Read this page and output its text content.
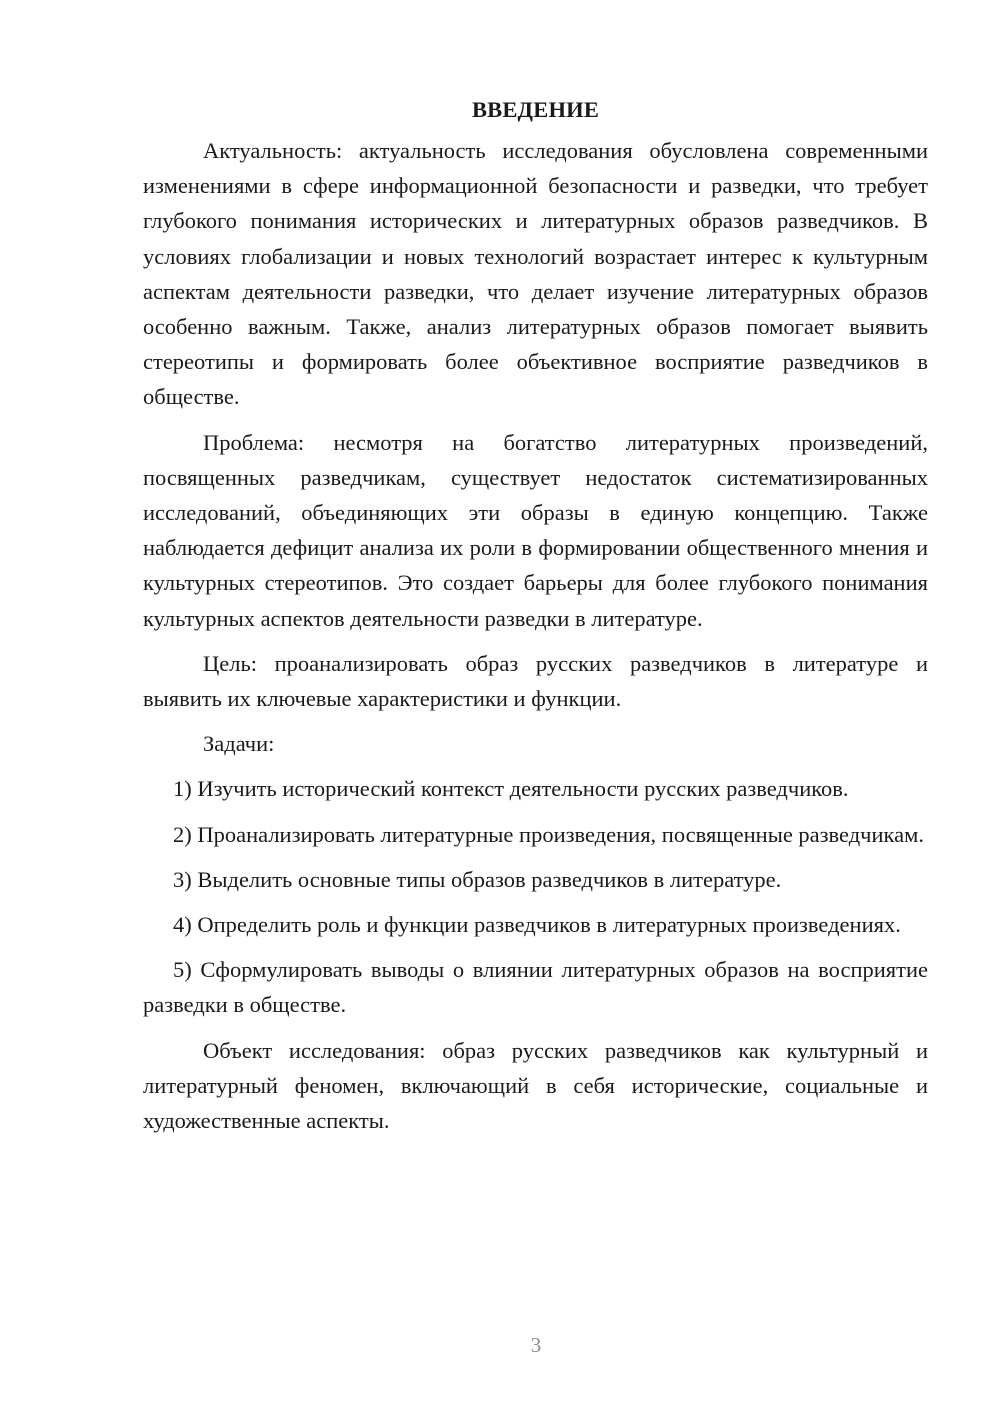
ВВЕДЕНИЕ

Актуальность: актуальность исследования обусловлена современными изменениями в сфере информационной безопасности и разведки, что требует глубокого понимания исторических и литературных образов разведчиков. В условиях глобализации и новых технологий возрастает интерес к культурным аспектам деятельности разведки, что делает изучение литературных образов особенно важным. Также, анализ литературных образов помогает выявить стереотипы и формировать более объективное восприятие разведчиков в обществе.

Проблема: несмотря на богатство литературных произведений, посвященных разведчикам, существует недостаток систематизированных исследований, объединяющих эти образы в единую концепцию. Также наблюдается дефицит анализа их роли в формировании общественного мнения и культурных стереотипов. Это создает барьеры для более глубокого понимания культурных аспектов деятельности разведки в литературе.

Цель: проанализировать образ русских разведчиков в литературе и выявить их ключевые характеристики и функции.

Задачи:

1) Изучить исторический контекст деятельности русских разведчиков.

2) Проанализировать литературные произведения, посвященные разведчикам.

3) Выделить основные типы образов разведчиков в литературе.

4) Определить роль и функции разведчиков в литературных произведениях.

5) Сформулировать выводы о влиянии литературных образов на восприятие разведки в обществе.

Объект исследования: образ русских разведчиков как культурный и литературный феномен, включающий в себя исторические, социальные и художественные аспекты.

3
